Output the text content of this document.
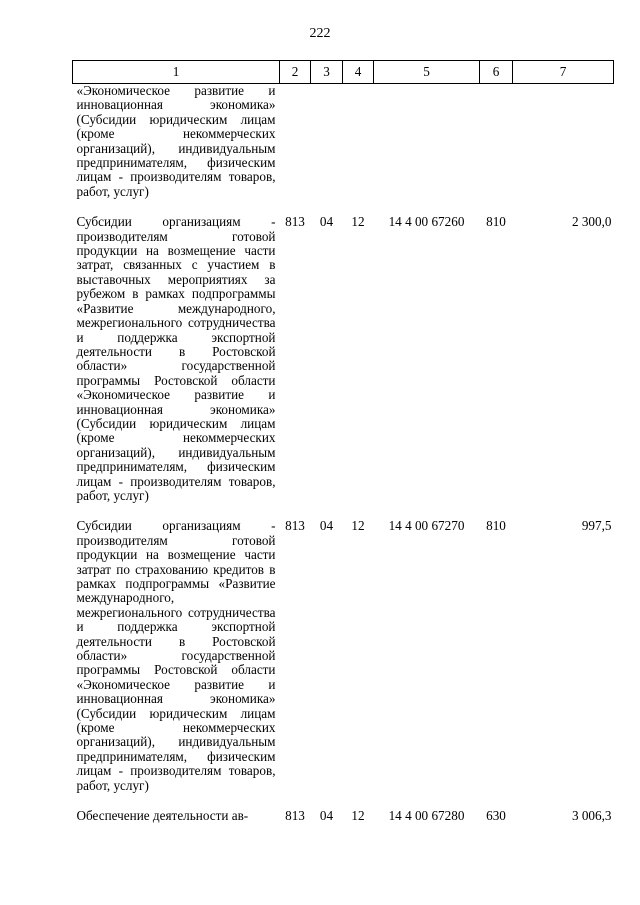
222
1	2	3	4	5	6	7
«Экономическое развитие и инновационная экономика» (Субсидии юридическим лицам (кроме некоммерческих организаций), индивидуальным предпринимателям, физическим лицам - производителям товаров, работ, услуг)						

Субсидии организациям - производителям готовой продукции на возмещение части затрат, связанных с участием в выставочных мероприятиях за рубежом в рамках подпрограммы «Развитие международного, межрегионального сотрудничества и поддержка экспортной деятельности в Ростовской области» государственной программы Ростовской области «Экономическое развитие и инновационная экономика» (Субсидии юридическим лицам (кроме некоммерческих организаций), индивидуальным предпринимателям, физическим лицам - производителям товаров, работ, услуг)	813	04	12	14 4 00 67260	810	2 300,0

Субсидии организациям - производителям готовой продукции на возмещение части затрат по страхованию кредитов в рамках подпрограммы «Развитие международного, межрегионального сотрудничества и поддержка экспортной деятельности в Ростовской области» государственной программы Ростовской области «Экономическое развитие и инновационная экономика» (Субсидии юридическим лицам (кроме некоммерческих организаций), индивидуальным предпринимателям, физическим лицам - производителям товаров, работ, услуг)	813	04	12	14 4 00 67270	810	997,5

Обеспечение деятельности ав-	813	04	12	14 4 00 67280	630	3 006,3
